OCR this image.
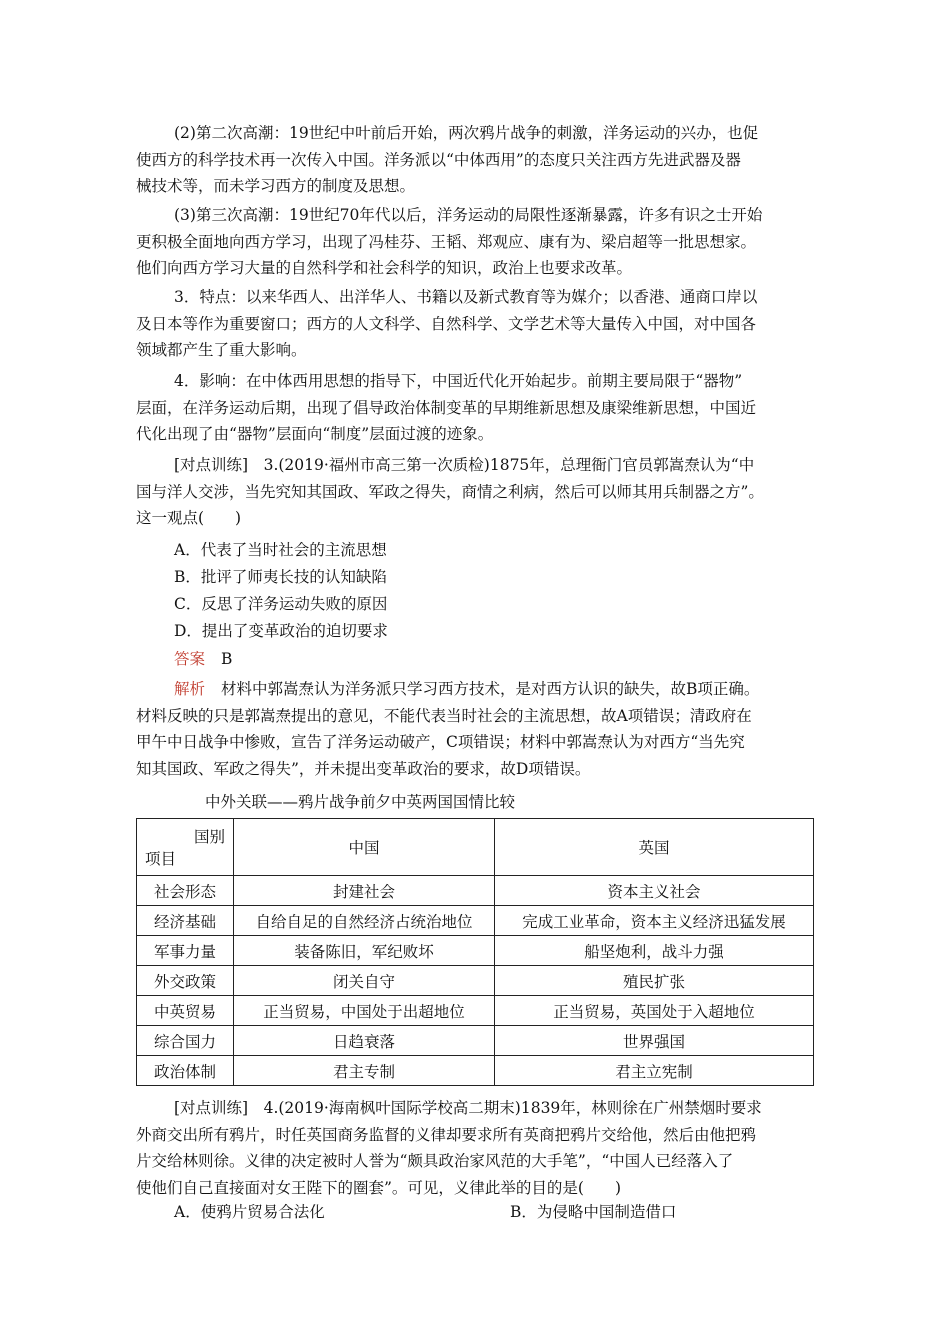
(2)第二次高潮：19世纪中叶前后开始，两次鸦片战争的刺激，洋务运动的兴办，也促
使西方的科学技术再一次传入中国。洋务派以“中体西用”的态度只关注西方先进武器及器
械技术等，而未学习西方的制度及思想。
(3)第三次高潮：19世纪70年代以后，洋务运动的局限性逐渐暴露，许多有识之士开始
更积极全面地向西方学习，出现了冯桂芬、王韬、郑观应、康有为、梁启超等一批思想家。
他们向西方学习大量的自然科学和社会科学的知识，政治上也要求改革。
3．特点：以来华西人、出洋华人、书籍以及新式教育等为媒介；以香港、通商口岸以
及日本等作为重要窗口；西方的人文科学、自然科学、文学艺术等大量传入中国，对中国各
领域都产生了重大影响。
4．影响：在中体西用思想的指导下，中国近代化开始起步。前期主要局限于“器物”
层面，在洋务运动后期，出现了倡导政治体制变革的早期维新思想及康梁维新思想，中国近
代化出现了由“器物”层面向“制度”层面过渡的迹象。
[对点训练]　3.(2019·福州市高三第一次质检)1875年，总理衙门官员郭嵩焘认为“中
国与洋人交涉，当先究知其国政、军政之得失，商情之利病，然后可以师其用兵制器之方”。
这一观点(　　)
A．代表了当时社会的主流思想
B．批评了师夷长技的认知缺陷
C．反思了洋务运动失败的原因
D．提出了变革政治的迫切要求
答案 B
解析 材料中郭嵩焘认为洋务派只学习西方技术，是对西方认识的缺失，故B项正确。
材料反映的只是郭嵩焘提出的意见，不能代表当时社会的主流思想，故A项错误；清政府在
甲午中日战争中惨败，宣告了洋务运动破产，C项错误；材料中郭嵩焘认为对西方“当先究
知其国政、军政之得失”，并未提出变革政治的要求，故D项错误。
中外关联——鸦片战争前夕中英两国国情比较
国别
项目	中国	英国
社会形态	封建社会	资本主义社会
经济基础	自给自足的自然经济占统治地位	完成工业革命，资本主义经济迅猛发展
军事力量	装备陈旧，军纪败坏	船坚炮利，战斗力强
外交政策	闭关自守	殖民扩张
中英贸易	正当贸易，中国处于出超地位	正当贸易，英国处于入超地位
综合国力	日趋衰落	世界强国
政治体制	君主专制	君主立宪制
[对点训练]　4.(2019·海南枫叶国际学校高二期末)1839年，林则徐在广州禁烟时要求
外商交出所有鸦片，时任英国商务监督的义律却要求所有英商把鸦片交给他，然后由他把鸦
片交给林则徐。义律的决定被时人誉为“颇具政治家风范的大手笔”，“中国人已经落入了
使他们自己直接面对女王陛下的圈套”。可见，义律此举的目的是(　　)
A．使鸦片贸易合法化	B．为侵略中国制造借口
